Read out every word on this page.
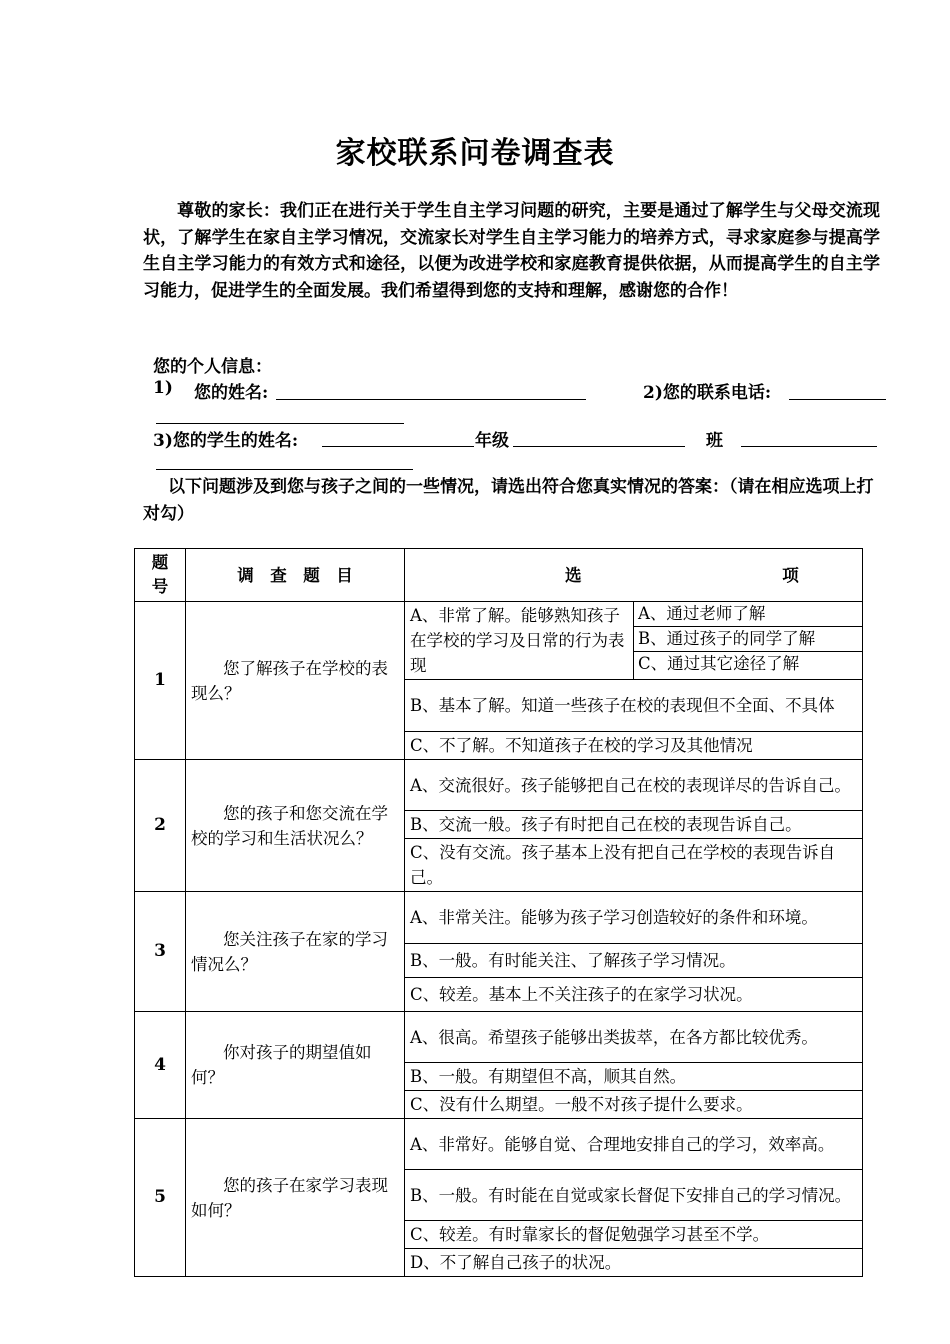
家校联系问卷调查表
尊敬的家长：我们正在进行关于学生自主学习问题的研究，主要是通过了解学生与父母交流现状，了解学生在家自主学习情况，交流家长对学生自主学习能力的培养方式，寻求家庭参与提高学生自主学习能力的有效方式和途径，以便为改进学校和家庭教育提供依据，从而提高学生的自主学习能力，促进学生的全面发展。我们希望得到您的支持和理解，感谢您的合作！
您的个人信息：
1) 您的姓名:	2)您的联系电话:
3)您的学生的姓名:	年级	班
以下问题涉及到您与孩子之间的一些情况，请选出符合您真实情况的答案：（请在相应选项上打对勾）
题号	调　查　题　目	选 项	
1	您了解孩子在学校的表现么？	A、非常了解。能够熟知孩子在学校的学习及日常的行为表现	A、通过老师了解
B、通过孩子的同学了解
C、通过其它途径了解

		B、基本了解。知道一些孩子在校的表现但不全面、不具体	
		C、不了解。不知道孩子在校的学习及其他情况	
2	您的孩子和您交流在学校的学习和生活状况么？	A、交流很好。孩子能够把自己在校的表现详尽的告诉自己。	
		B、交流一般。孩子有时把自己在校的表现告诉自己。	
		C、没有交流。孩子基本上没有把自己在学校的表现告诉自己。	
3	您关注孩子在家的学习情况么？	A、非常关注。能够为孩子学习创造较好的条件和环境。	
		B、一般。有时能关注、了解孩子学习情况。	
		C、较差。基本上不关注孩子的在家学习状况。	
4	你对孩子的期望值如何？	A、很高。希望孩子能够出类拔萃，在各方都比较优秀。	
		B、一般。有期望但不高，顺其自然。	
		C、没有什么期望。一般不对孩子提什么要求。	
5	您的孩子在家学习表现如何？	A、非常好。能够自觉、合理地安排自己的学习，效率高。	
		B、一般。有时能在自觉或家长督促下安排自己的学习情况。	
		C、较差。有时靠家长的督促勉强学习甚至不学。	
		D、不了解自己孩子的状况。	
